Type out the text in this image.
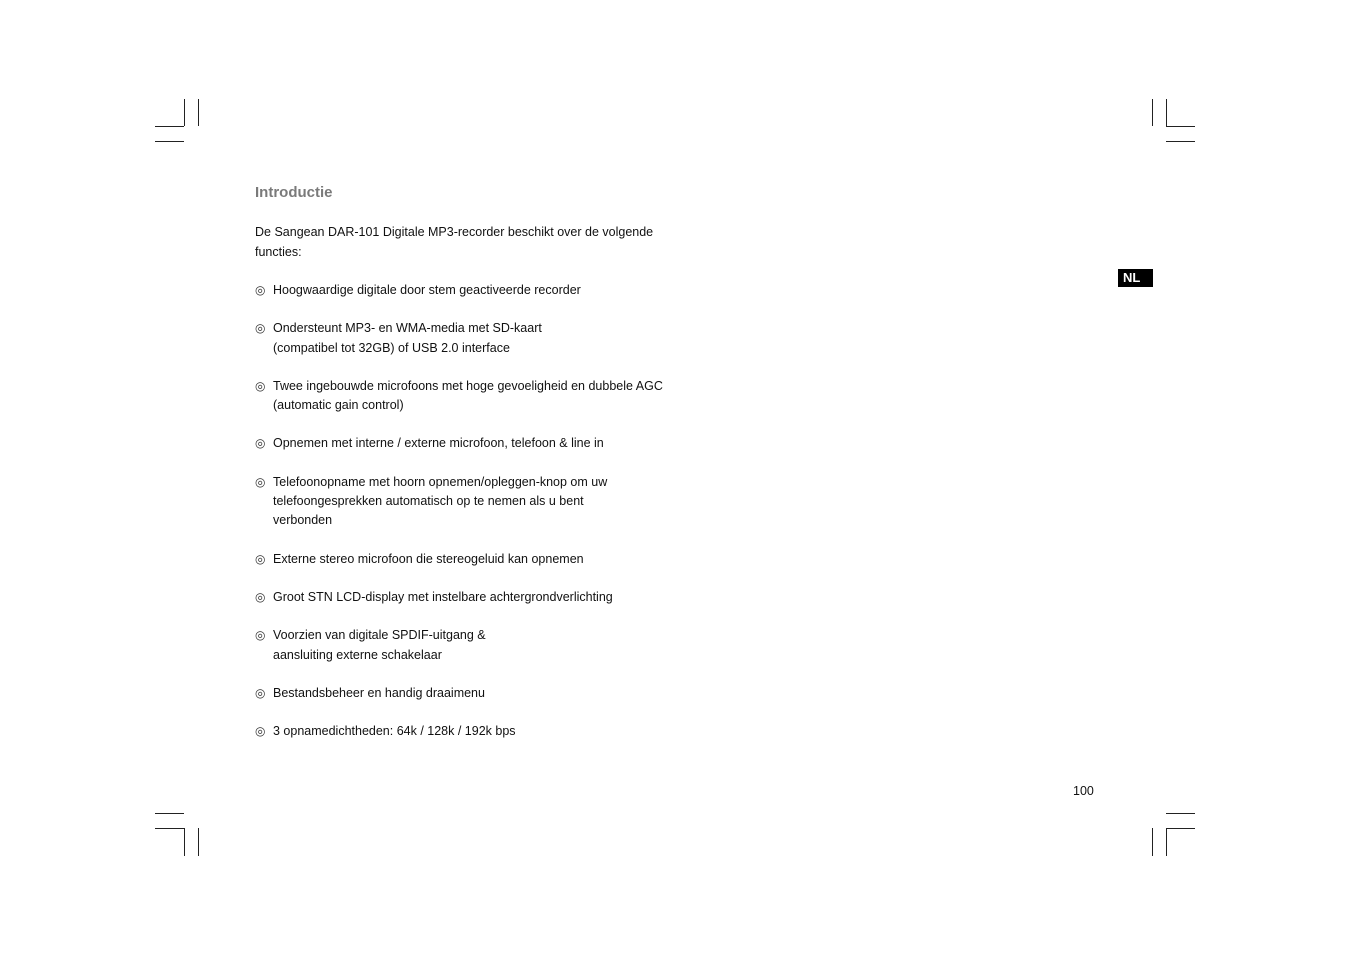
Introductie

De Sangean DAR-101 Digitale MP3-recorder beschikt over de volgende functies:

◎ Hoogwaardige digitale door stem geactiveerde recorder
◎ Ondersteunt MP3- en WMA-media met SD-kaart (compatibel tot 32GB) of USB 2.0 interface
◎ Twee ingebouwde microfoons met hoge gevoeligheid en dubbele AGC (automatic gain control)
◎ Opnemen met interne / externe microfoon, telefoon & line in
◎ Telefoonopname met hoorn opnemen/opleggen-knop om uw telefoongesprekken automatisch op te nemen als u bent verbonden
◎ Externe stereo microfoon die stereogeluid kan opnemen
◎ Groot STN LCD-display met instelbare achtergrondverlichting
◎ Voorzien van digitale SPDIF-uitgang & aansluiting externe schakelaar
◎ Bestandsbeheer en handig draaimenu
◎ 3 opnamedichtheden: 64k / 128k / 192k bps
NL
100
